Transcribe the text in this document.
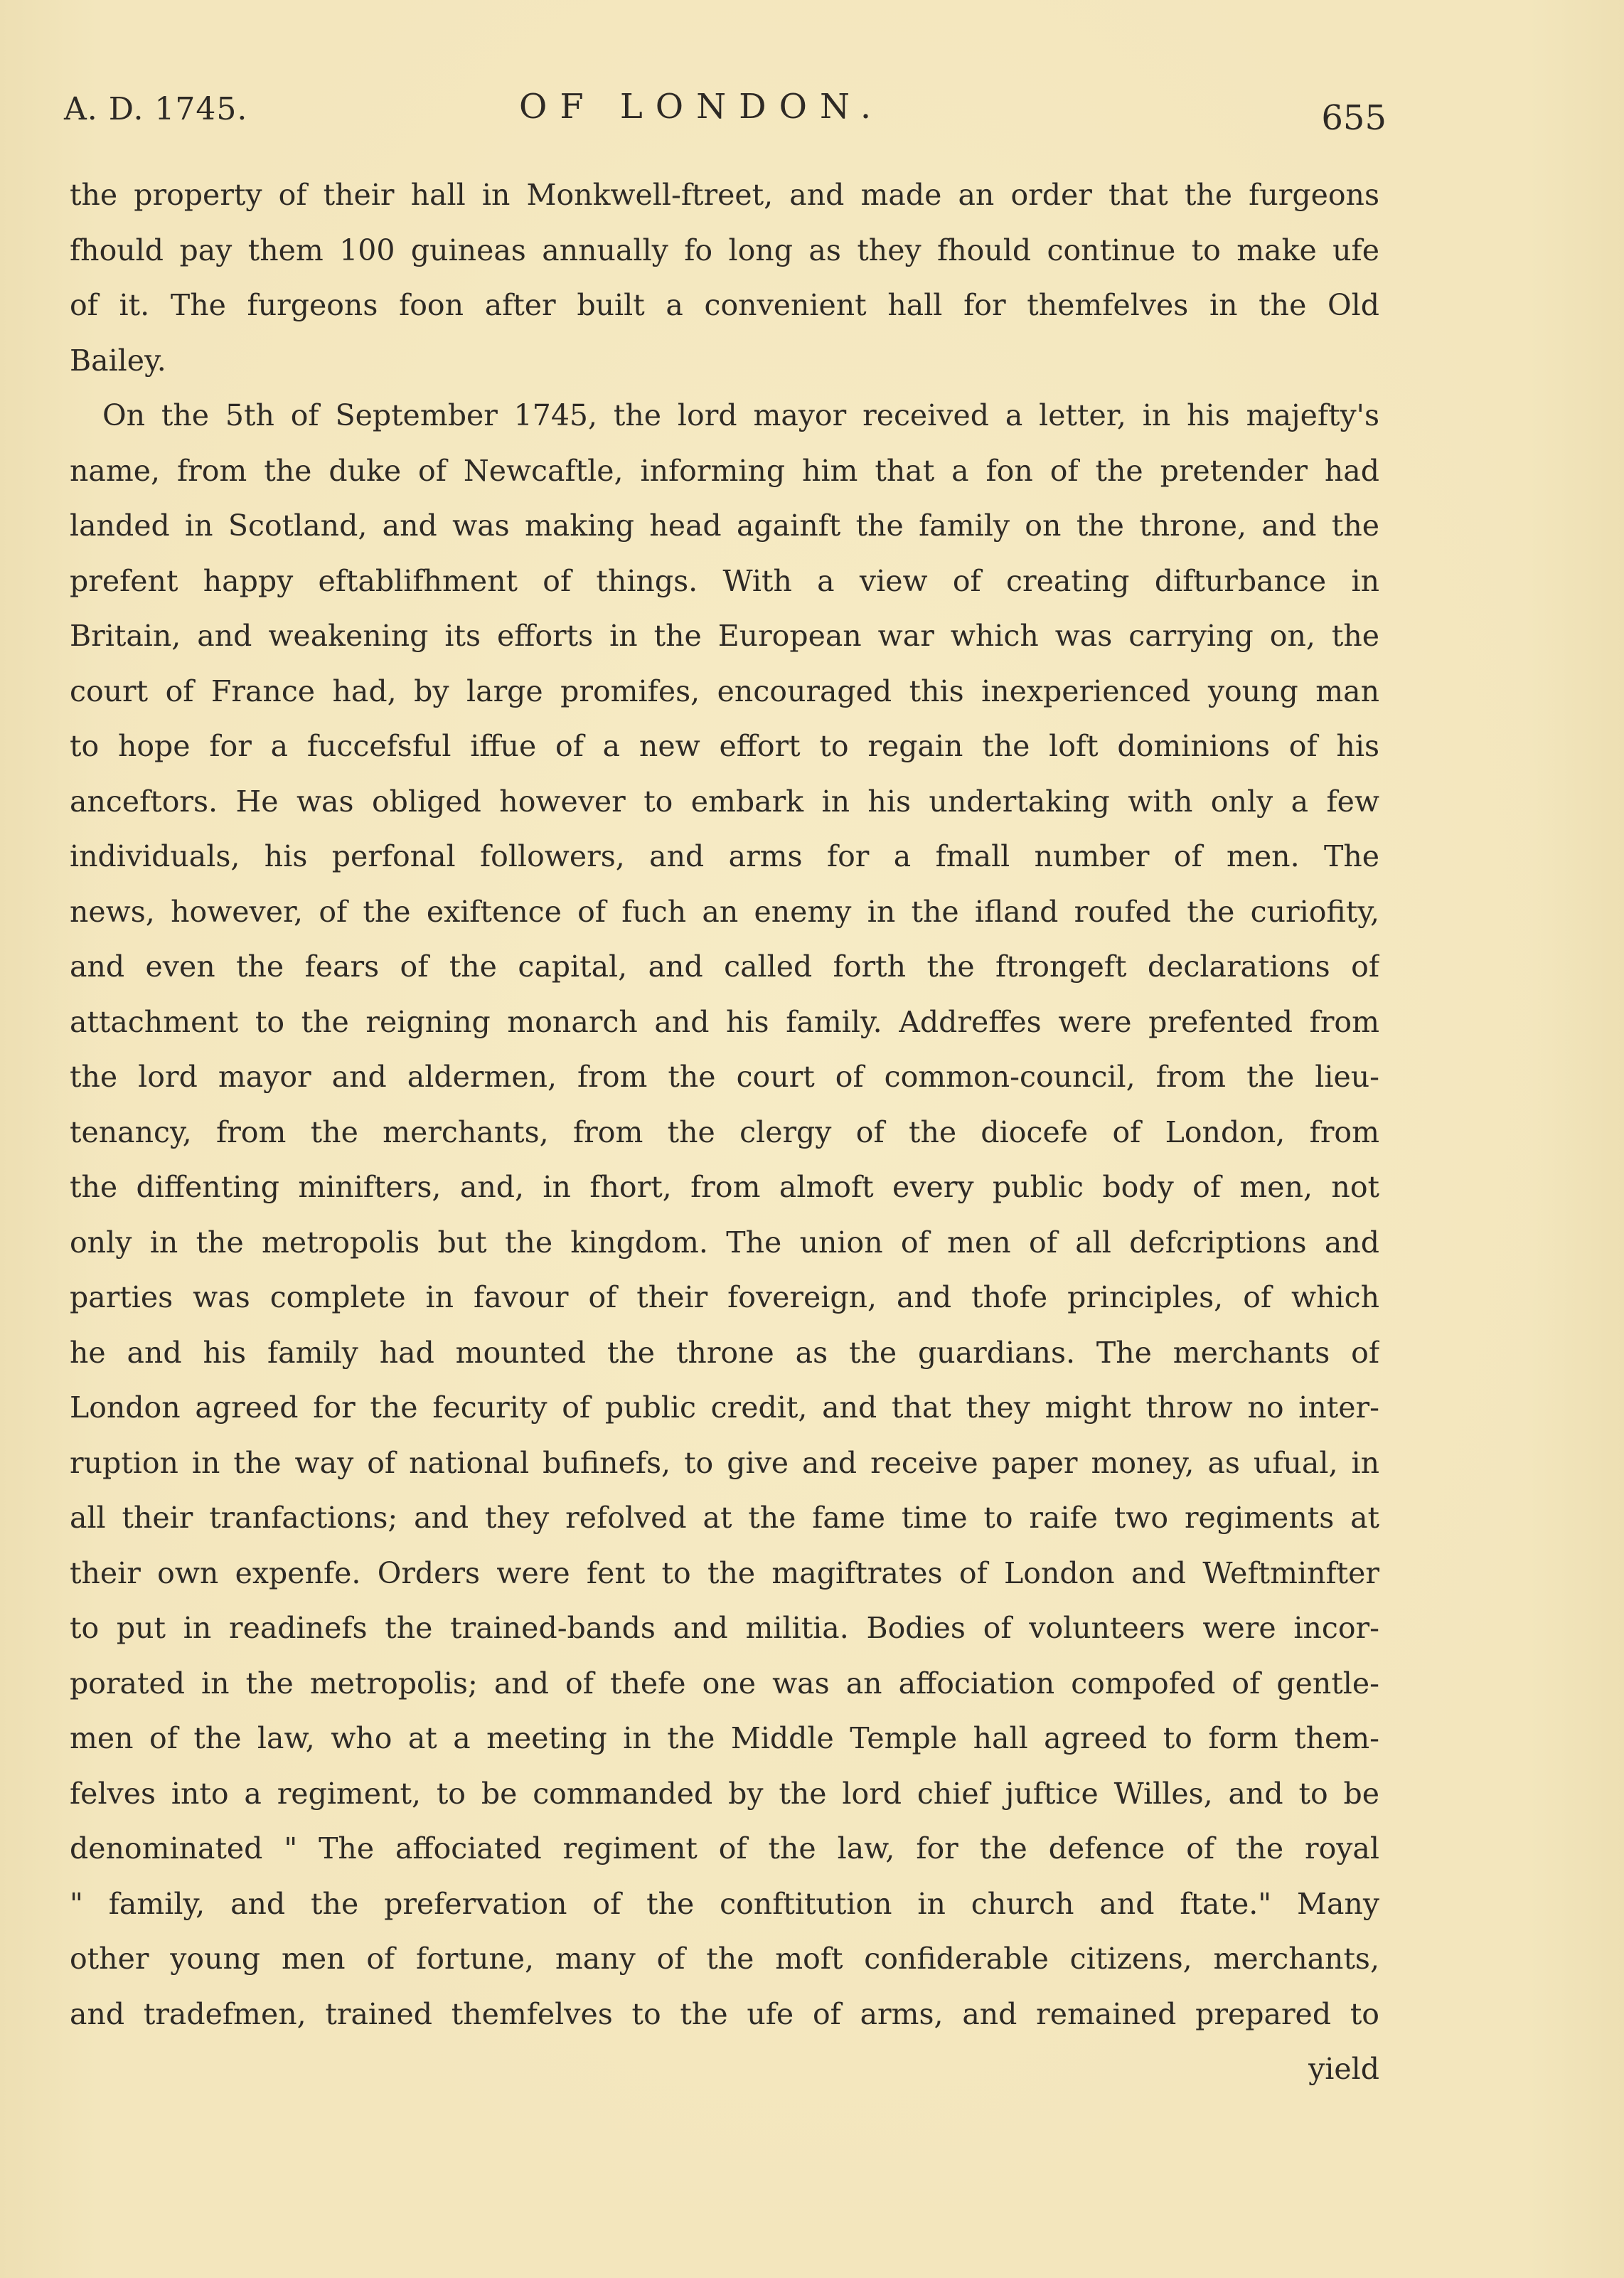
A. D. 1745.	OF LONDON.	655
the property of their hall in Monkwell-ftreet, and made an order that the furgeons
fhould pay them 100 guineas annually fo long as they fhould continue to make ufe
of it. The furgeons foon after built a convenient hall for themfelves in the Old
Bailey.
On the 5th of September 1745, the lord mayor received a letter, in his majefty's
name, from the duke of Newcaftle, informing him that a fon of the pretender had
landed in Scotland, and was making head againft the family on the throne, and the
prefent happy eftablifhment of things. With a view of creating difturbance in
Britain, and weakening its efforts in the European war which was carrying on, the
court of France had, by large promifes, encouraged this inexperienced young man
to hope for a fuccefsful iffue of a new effort to regain the loft dominions of his
anceftors. He was obliged however to embark in his undertaking with only a few
individuals, his perfonal followers, and arms for a fmall number of men. The
news, however, of the exiftence of fuch an enemy in the ifland roufed the curiofity,
and even the fears of the capital, and called forth the ftrongeft declarations of
attachment to the reigning monarch and his family. Addreffes were prefented from
the lord mayor and aldermen, from the court of common-council, from the lieu-
tenancy, from the merchants, from the clergy of the diocefe of London, from
the diffenting minifters, and, in fhort, from almoft every public body of men, not
only in the metropolis but the kingdom. The union of men of all defcriptions and
parties was complete in favour of their fovereign, and thofe principles, of which
he and his family had mounted the throne as the guardians. The merchants of
London agreed for the fecurity of public credit, and that they might throw no inter-
ruption in the way of national bufinefs, to give and receive paper money, as ufual, in
all their tranfactions; and they refolved at the fame time to raife two regiments at
their own expenfe. Orders were fent to the magiftrates of London and Weftminfter
to put in readinefs the trained-bands and militia. Bodies of volunteers were incor-
porated in the metropolis; and of thefe one was an affociation compofed of gentle-
men of the law, who at a meeting in the Middle Temple hall agreed to form them-
felves into a regiment, to be commanded by the lord chief juftice Willes, and to be
denominated " The affociated regiment of the law, for the defence of the royal
" family, and the prefervation of the conftitution in church and ftate." Many
other young men of fortune, many of the moft confiderable citizens, merchants,
and tradefmen, trained themfelves to the ufe of arms, and remained prepared to
yield
